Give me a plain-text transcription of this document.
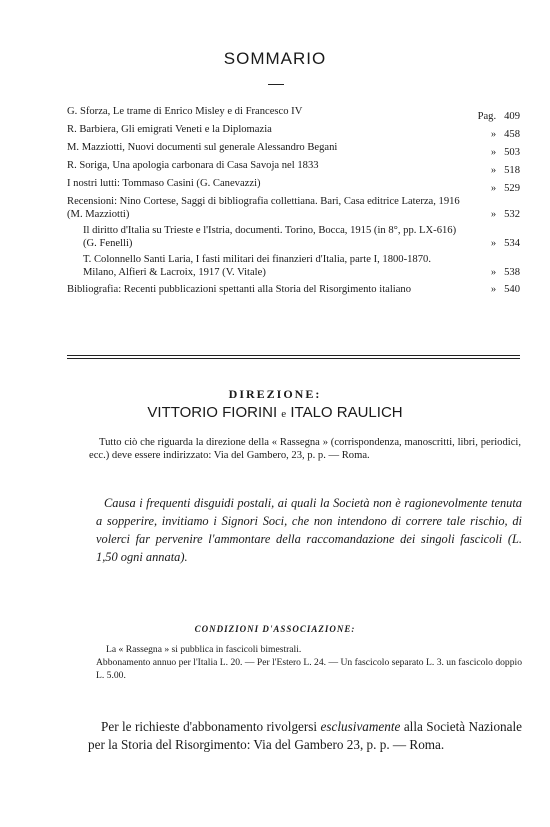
SOMMARIO
G. Sforza, Le trame di Enrico Misley e di Francesco IV	Pag. 409
R. Barbiera, Gli emigrati Veneti e la Diplomazia	» 458
M. Mazziotti, Nuovi documenti sul generale Alessandro Begani	» 503
R. Soriga, Una apologia carbonara di Casa Savoja nel 1833	» 518
I nostri lutti: Tommaso Casini (G. Canevazzi)	» 529
Recensioni: Nino Cortese, Saggi di bibliografia collettiana. Bari, Casa editrice Laterza, 1916 (M. Mazziotti)	» 532
Il diritto d'Italia su Trieste e l'Istria, documenti. Torino, Bocca, 1915 (in 8°, pp. LX-616) (G. Fenelli)	» 534
T. Colonnello Santi Laria, I fasti militari dei finanzieri d'Italia, parte I, 1800-1870. Milano, Alfieri & Lacroix, 1917 (V. Vitale)	» 538
Bibliografia: Recenti pubblicazioni spettanti alla Storia del Risorgimento italiano	» 540
DIREZIONE:
VITTORIO FIORINI e ITALO RAULICH
Tutto ciò che riguarda la direzione della « Rassegna » (corrispondenza, manoscritti, libri, periodici, ecc.) deve essere indirizzato: Via del Gambero, 23, p. p. — Roma.
Causa i frequenti disguidi postali, ai quali la Società non è ragionevolmente tenuta a sopperire, invitiamo i Signori Soci, che non intendono di correre tale rischio, di volerci far pervenire l'ammontare della raccomandazione dei singoli fascicoli (L. 1,50 ogni annata).
CONDIZIONI D'ASSOCIAZIONE:
La « Rassegna » si pubblica in fascicoli bimestrali.
Abbonamento annuo per l'Italia L. 20. — Per l'Estero L. 24. — Un fascicolo separato L. 3. un fascicolo doppio L. 5.00.
Per le richieste d'abbonamento rivolgersi esclusivamente alla Società Nazionale per la Storia del Risorgimento: Via del Gambero 23, p. p. — Roma.
